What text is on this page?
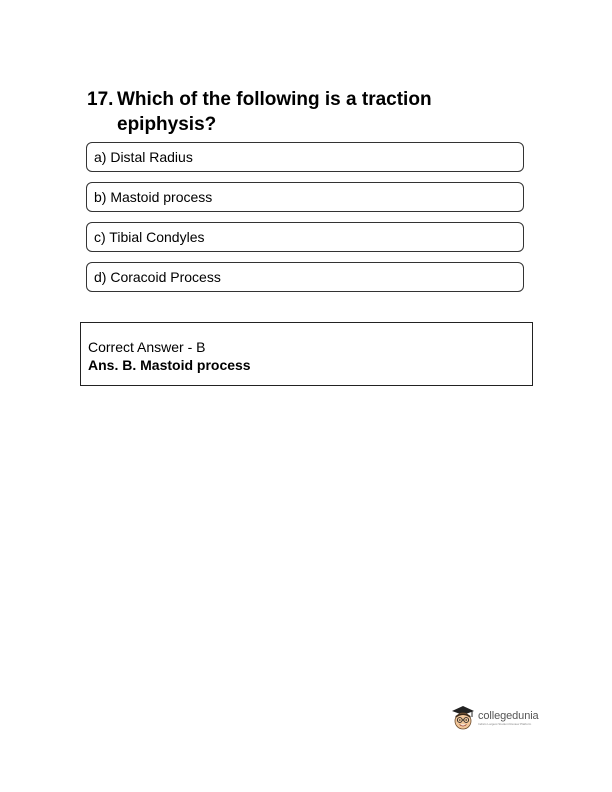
17. Which of the following is a traction epiphysis?
a) Distal Radius
b) Mastoid process
c) Tibial Condyles
d) Coracoid Process
Correct Answer - B
Ans. B. Mastoid process
collegedunia
India's Largest Student Review Platform
